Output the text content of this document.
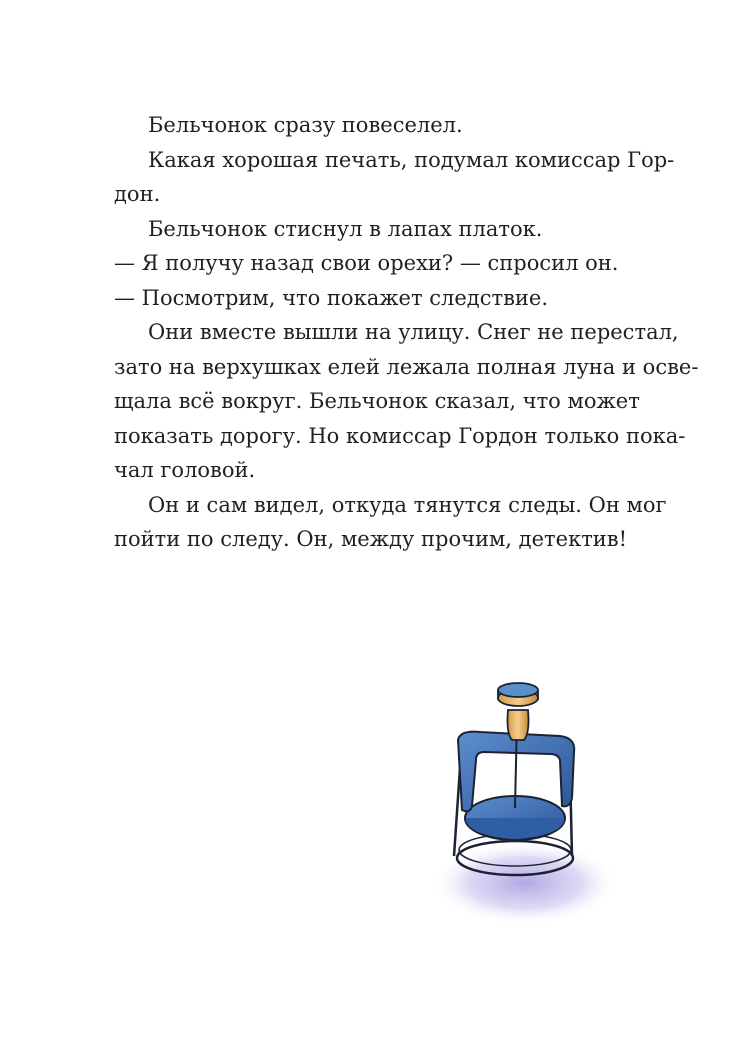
Бельчонок сразу повеселел.
Какая хорошая печать, подумал комиссар Гор-
дон.
Бельчонок стиснул в лапах платок.
— Я получу назад свои орехи? — спросил он.
— Посмотрим, что покажет следствие.
Они вместе вышли на улицу. Снег не перестал,
зато на верхушках елей лежала полная луна и осве-
щала всё вокруг. Бельчонок сказал, что может
показать дорогу. Но комиссар Гордон только пока-
чал головой.
Он и сам видел, откуда тянутся следы. Он мог
пойти по следу. Он, между прочим, детектив!
